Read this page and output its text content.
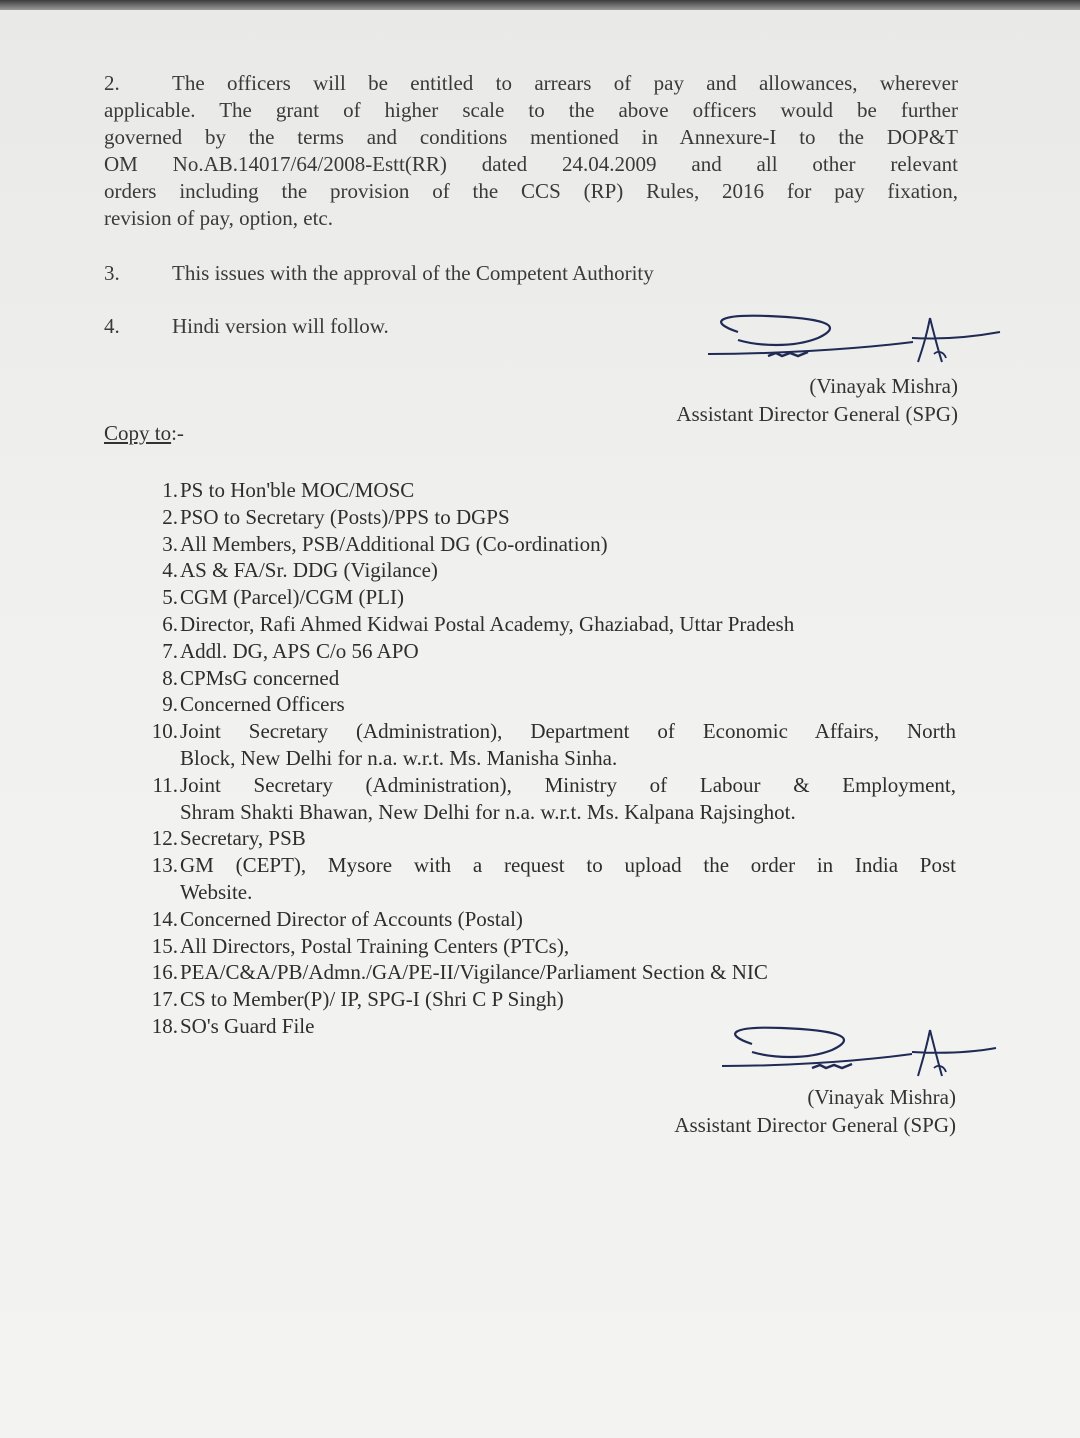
2. The officers will be entitled to arrears of pay and allowances, wherever
applicable. The grant of higher scale to the above officers would be further
governed by the terms and conditions mentioned in Annexure-I to the DOP&T
OM No.AB.14017/64/2008-Estt(RR) dated 24.04.2009 and all other relevant
orders including the provision of the CCS (RP) Rules, 2016 for pay fixation,
revision of pay, option, etc.
3. This issues with the approval of the Competent Authority
4. Hindi version will follow.
(Vinayak Mishra)
Assistant Director General (SPG)
Copy to:-
1. PS to Hon'ble MOC/MOSC
2. PSO to Secretary (Posts)/PPS to DGPS
3. All Members, PSB/Additional DG (Co-ordination)
4. AS & FA/Sr. DDG (Vigilance)
5. CGM (Parcel)/CGM (PLI)
6. Director, Rafi Ahmed Kidwai Postal Academy, Ghaziabad, Uttar Pradesh
7. Addl. DG, APS C/o 56 APO
8. CPMsG concerned
9. Concerned Officers
10. Joint Secretary (Administration), Department of Economic Affairs, North
Block, New Delhi for n.a. w.r.t. Ms. Manisha Sinha.
11. Joint Secretary (Administration), Ministry of Labour & Employment,
Shram Shakti Bhawan, New Delhi for n.a. w.r.t. Ms. Kalpana Rajsinghot.
12. Secretary, PSB
13. GM (CEPT), Mysore with a request to upload the order in India Post
Website.
14. Concerned Director of Accounts (Postal)
15. All Directors, Postal Training Centers (PTCs),
16. PEA/C&A/PB/Admn./GA/PE-II/Vigilance/Parliament Section & NIC
17. CS to Member(P)/ IP, SPG-I (Shri C P Singh)
18. SO's Guard File
(Vinayak Mishra)
Assistant Director General (SPG)
